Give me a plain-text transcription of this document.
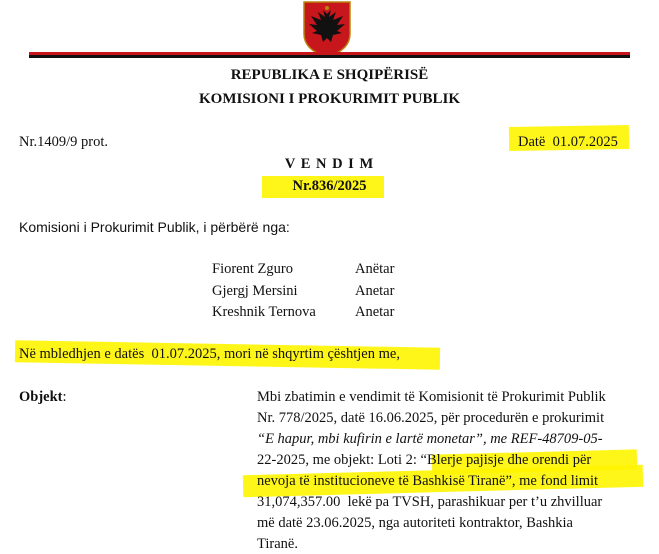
REPUBLIKA E SHQIPËRISË
KOMISIONI I PROKURIMIT PUBLIK
Nr.1409/9 prot.	Datë  01.07.2025
V E N D I M
Nr.836/2025
Komisioni i Prokurimit Publik, i përbërë nga:
Fiorent Zguro	Anëtar
Gjergj Mersini	Anetar
Kreshnik Ternova	Anetar
Në mbledhjen e datës  01.07.2025, mori në shqyrtim çështjen me,
Objekt:	Mbi zbatimin e vendimit të Komisionit të Prokurimit Publik
Nr. 778/2025, datë 16.06.2025, për procedurën e prokurimit
“E hapur, mbi kufirin e lartë monetar”, me REF-48709-05-
22-2025, me objekt: Loti 2: “Blerje pajisje dhe orendi për
nevoja të institucioneve të Bashkisë Tiranë”, me fond limit
31,074,357.00  lekë pa TVSH, parashikuar per t’u zhvilluar
më datë 23.06.2025, nga autoriteti kontraktor, Bashkia
Tiranë.
